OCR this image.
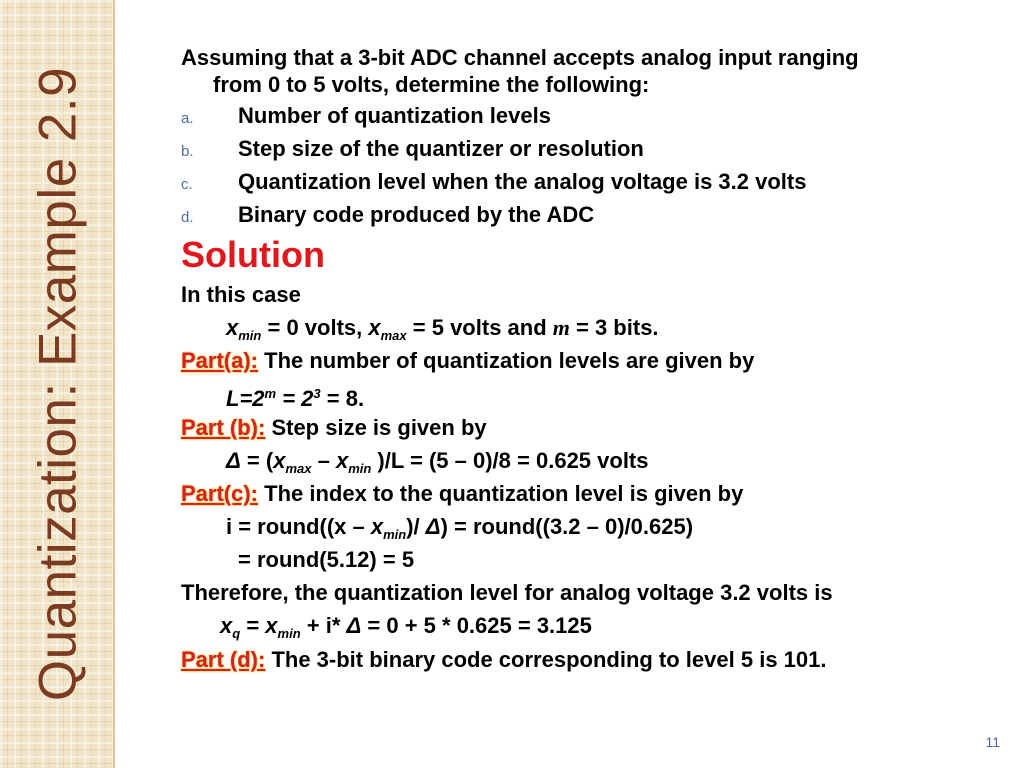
Quantization: Example 2.9
Assuming that a 3-bit ADC channel accepts analog input ranging
from 0 to 5 volts, determine the following:
a. Number of quantization levels
b. Step size of the quantizer or resolution
c. Quantization level when the analog voltage is 3.2 volts
d. Binary code produced by the ADC
Solution
In this case
$x_{min} = 0$ volts, $x_{max} = 5$ volts and m = 3 bits.
Part(a): The number of quantization levels are given by
$L=2^m = 2^3 = 8$.
Part (b): Step size is given by
$\Delta = (x_{max} - x_{min}$ )/L = (5 – 0)/8 = 0.625 volts
Part(c): The index to the quantization level is given by
i = round((x – $x_{min})/$ Δ) = round((3.2 – 0)/0.625)
= round(5.12) = 5
Therefore, the quantization level for analog voltage 3.2 volts is
$x_q = x_{min} + i*$ Δ = 0 + 5 * 0.625 = 3.125
Part (d): The 3-bit binary code corresponding to level 5 is 101.
11
